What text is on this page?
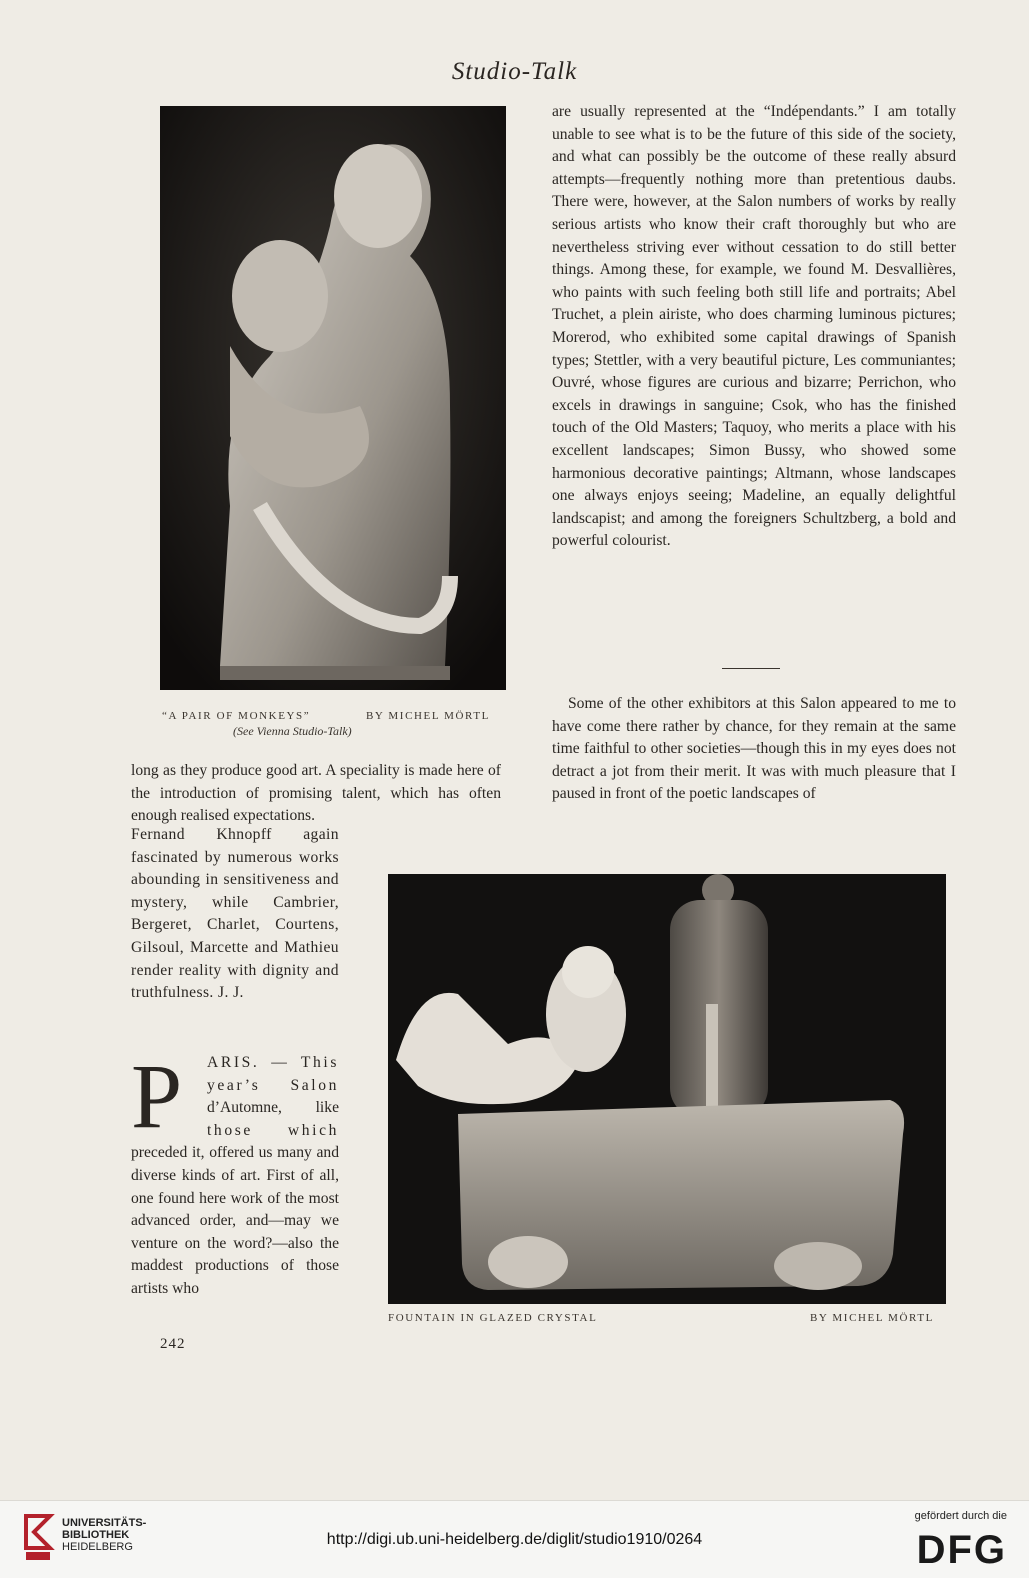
Studio-Talk
“A PAIR OF MONKEYS”	BY MICHEL MÖRTL
(See Vienna Studio-Talk)

are usually represented at the “Indépendants.” I am totally unable to see what is to be the future of this side of the society, and what can possibly be the outcome of these really absurd attempts—frequently nothing more than pretentious daubs. There were, however, at the Salon numbers of works by really serious artists who know their craft thoroughly but who are nevertheless striving ever without cessation to do still better things. Among these, for example, we found M. Desvallières, who paints with such feeling both still life and portraits; Abel Truchet, a plein airiste, who does charming luminous pictures; Morerod, who exhibited some capital drawings of Spanish types; Stettler, with a very beautiful picture, Les communiantes; Ouvré, whose figures are curious and bizarre; Perrichon, who excels in drawings in sanguine; Csok, who has the finished touch of the Old Masters; Taquoy, who merits a place with his excellent landscapes; Simon Bussy, who showed some harmonious decorative paintings; Altmann, whose landscapes one always enjoys seeing; Madeline, an equally delightful landscapist; and among the foreigners Schultzberg, a bold and powerful colourist.

Some of the other exhibitors at this Salon appeared to me to have come there rather by chance, for they remain at the same time faithful to other societies—though this in my eyes does not detract a jot from their merit. It was with much pleasure that I paused in front of the poetic landscapes of

long as they produce good art. A speciality is made here of the introduction of promising talent, which has often enough realised expectations.

Fernand Khnopff again fascinated by numerous works abounding in sensitiveness and mystery, while Cambrier, Bergeret, Charlet, Courtens, Gilsoul, Marcette and Mathieu render reality with dignity and truthfulness. J. J.

P	ARIS. — This
year’s Salon
d’Automne, like
those which
preceded it, offered us many and diverse kinds of art. First of all, one found here work of the most advanced order, and—may we venture on the word?—also the maddest productions of those artists who
FOUNTAIN IN GLAZED CRYSTAL	BY MICHEL MÖRTL
242
UNIVERSITÄTS-
BIBLIOTHEK
HEIDELBERG	http://digi.ub.uni-heidelberg.de/diglit/studio1910/0264
gefördert durch die
DFG
